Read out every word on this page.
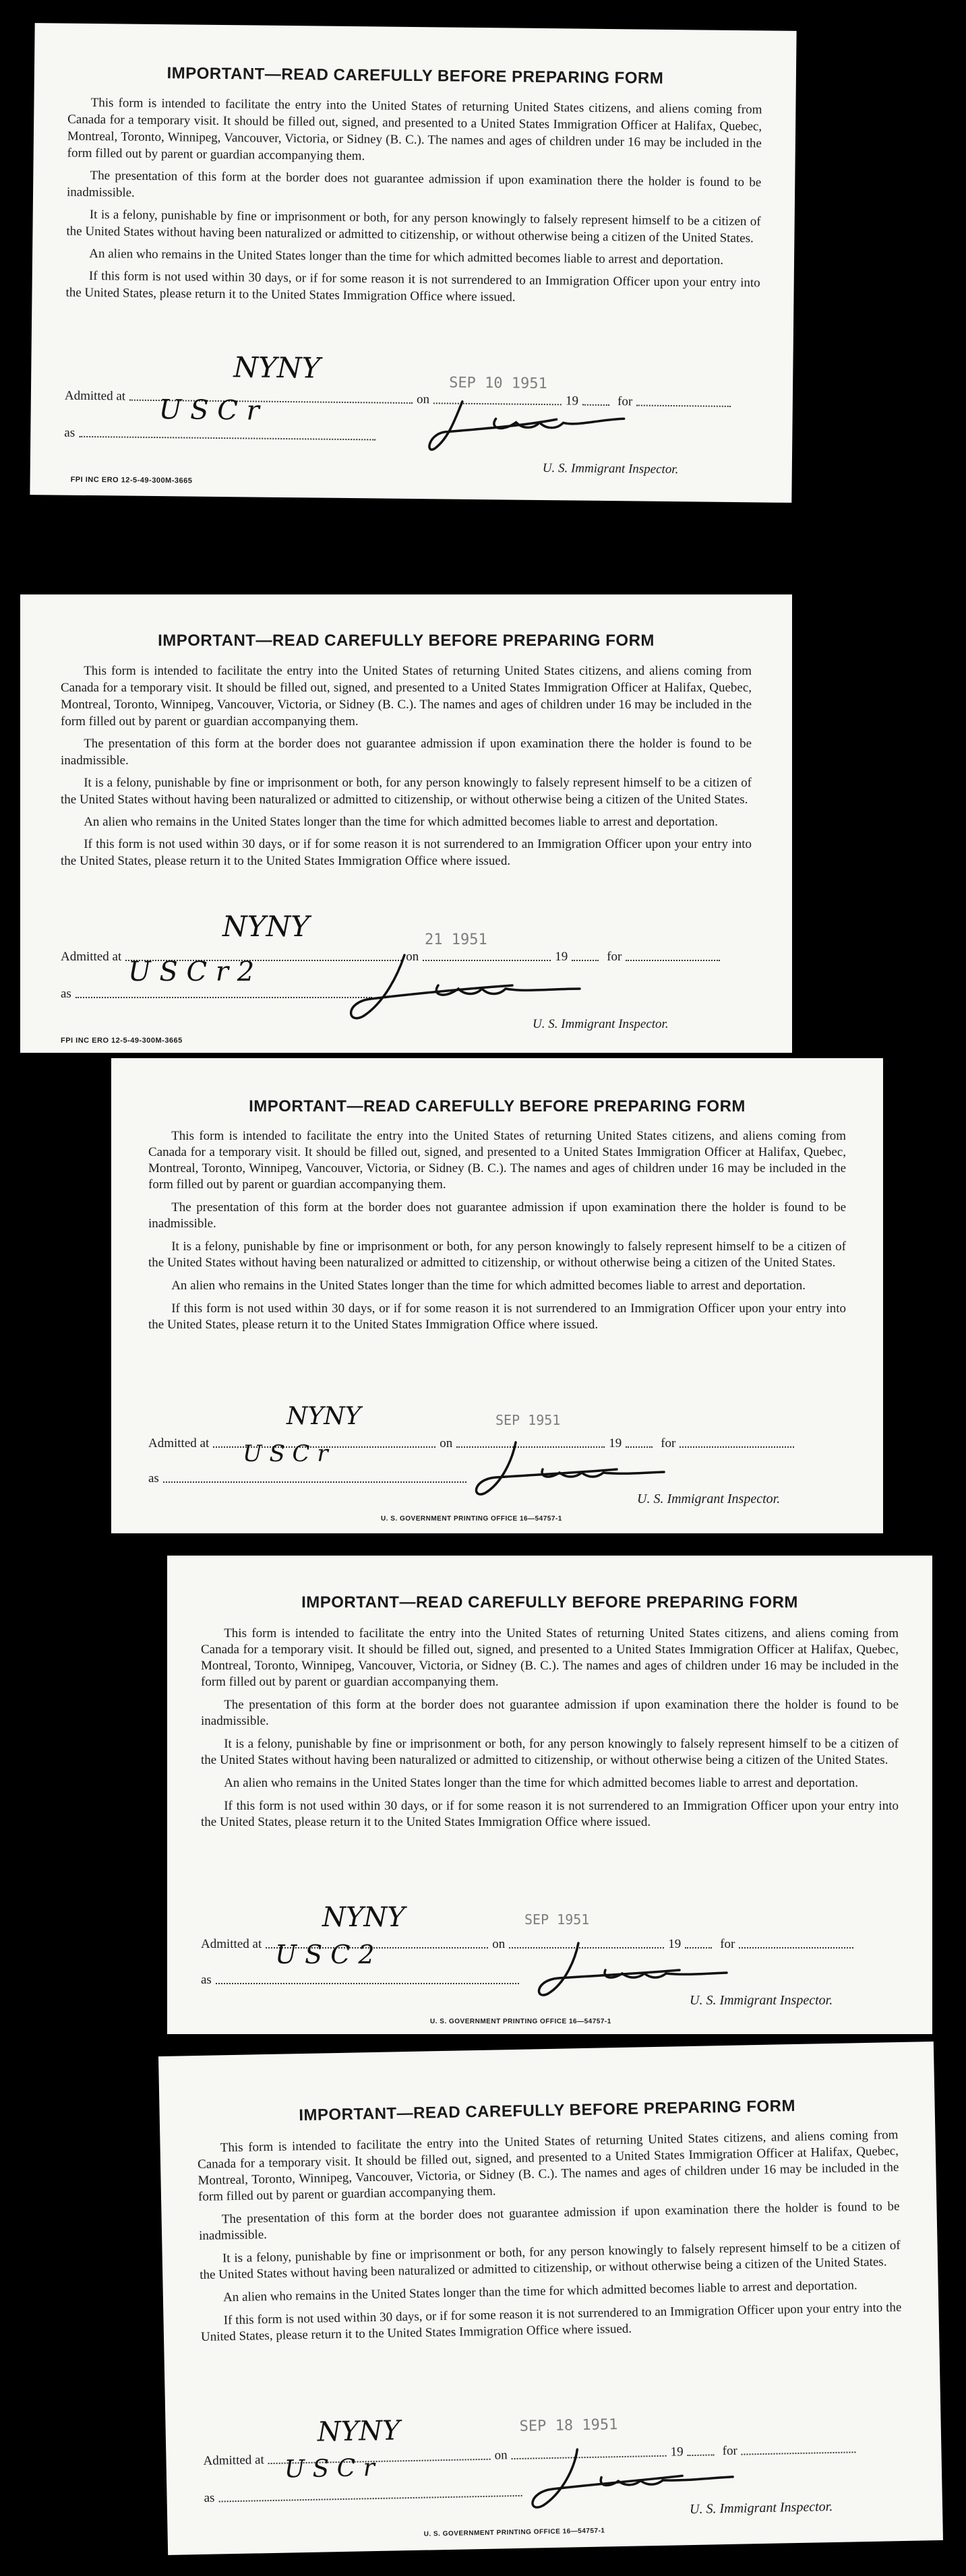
IMPORTANT—READ CAREFULLY BEFORE PREPARING FORM

This form is intended to facilitate the entry into the United States of returning United States citizens, and aliens coming from Canada for a temporary visit. It should be filled out, signed, and presented to a United States Immigration Officer at Halifax, Quebec, Montreal, Toronto, Winnipeg, Vancouver, Victoria, or Sidney (B. C.). The names and ages of children under 16 may be included in the form filled out by parent or guardian accompanying them.

The presentation of this form at the border does not guarantee admission if upon examination there the holder is found to be inadmissible.

It is a felony, punishable by fine or imprisonment or both, for any person knowingly to falsely represent himself to be a citizen of the United States without having been naturalized or admitted to citizenship, or without otherwise being a citizen of the United States.

An alien who remains in the United States longer than the time for which admitted becomes liable to arrest and deportation.

If this form is not used within 30 days, or if for some reason it is not surrendered to an Immigration Officer upon your entry into the United States, please return it to the United States Immigration Office where issued.

Admitted at	on	19	for
as
NYNY
U S C r
SEP 10 1951
U. S. Immigrant Inspector.
FPI INC ERO 12-5-49-300M-3665
IMPORTANT—READ CAREFULLY BEFORE PREPARING FORM

This form is intended to facilitate the entry into the United States of returning United States citizens, and aliens coming from Canada for a temporary visit. It should be filled out, signed, and presented to a United States Immigration Officer at Halifax, Quebec, Montreal, Toronto, Winnipeg, Vancouver, Victoria, or Sidney (B. C.). The names and ages of children under 16 may be included in the form filled out by parent or guardian accompanying them.

The presentation of this form at the border does not guarantee admission if upon examination there the holder is found to be inadmissible.

It is a felony, punishable by fine or imprisonment or both, for any person knowingly to falsely represent himself to be a citizen of the United States without having been naturalized or admitted to citizenship, or without otherwise being a citizen of the United States.

An alien who remains in the United States longer than the time for which admitted becomes liable to arrest and deportation.

If this form is not used within 30 days, or if for some reason it is not surrendered to an Immigration Officer upon your entry into the United States, please return it to the United States Immigration Office where issued.

Admitted at	on	19	for
as
NYNY
U S C r 2
21 1951
U. S. Immigrant Inspector.
FPI INC ERO 12-5-49-300M-3665
IMPORTANT—READ CAREFULLY BEFORE PREPARING FORM

This form is intended to facilitate the entry into the United States of returning United States citizens, and aliens coming from Canada for a temporary visit. It should be filled out, signed, and presented to a United States Immigration Officer at Halifax, Quebec, Montreal, Toronto, Winnipeg, Vancouver, Victoria, or Sidney (B. C.). The names and ages of children under 16 may be included in the form filled out by parent or guardian accompanying them.

The presentation of this form at the border does not guarantee admission if upon examination there the holder is found to be inadmissible.

It is a felony, punishable by fine or imprisonment or both, for any person knowingly to falsely represent himself to be a citizen of the United States without having been naturalized or admitted to citizenship, or without otherwise being a citizen of the United States.

An alien who remains in the United States longer than the time for which admitted becomes liable to arrest and deportation.

If this form is not used within 30 days, or if for some reason it is not surrendered to an Immigration Officer upon your entry into the United States, please return it to the United States Immigration Office where issued.

Admitted at	on	19	for
as
NYNY
U S C r
SEP 1951
U. S. Immigrant Inspector.
U. S. GOVERNMENT PRINTING OFFICE 16—54757-1
IMPORTANT—READ CAREFULLY BEFORE PREPARING FORM

This form is intended to facilitate the entry into the United States of returning United States citizens, and aliens coming from Canada for a temporary visit. It should be filled out, signed, and presented to a United States Immigration Officer at Halifax, Quebec, Montreal, Toronto, Winnipeg, Vancouver, Victoria, or Sidney (B. C.). The names and ages of children under 16 may be included in the form filled out by parent or guardian accompanying them.

The presentation of this form at the border does not guarantee admission if upon examination there the holder is found to be inadmissible.

It is a felony, punishable by fine or imprisonment or both, for any person knowingly to falsely represent himself to be a citizen of the United States without having been naturalized or admitted to citizenship, or without otherwise being a citizen of the United States.

An alien who remains in the United States longer than the time for which admitted becomes liable to arrest and deportation.

If this form is not used within 30 days, or if for some reason it is not surrendered to an Immigration Officer upon your entry into the United States, please return it to the United States Immigration Office where issued.

Admitted at	on	19	for
as
NYNY
U S C 2
SEP 1951
U. S. Immigrant Inspector.
U. S. GOVERNMENT PRINTING OFFICE 16—54757-1
IMPORTANT—READ CAREFULLY BEFORE PREPARING FORM

This form is intended to facilitate the entry into the United States of returning United States citizens, and aliens coming from Canada for a temporary visit. It should be filled out, signed, and presented to a United States Immigration Officer at Halifax, Quebec, Montreal, Toronto, Winnipeg, Vancouver, Victoria, or Sidney (B. C.). The names and ages of children under 16 may be included in the form filled out by parent or guardian accompanying them.

The presentation of this form at the border does not guarantee admission if upon examination there the holder is found to be inadmissible.

It is a felony, punishable by fine or imprisonment or both, for any person knowingly to falsely represent himself to be a citizen of the United States without having been naturalized or admitted to citizenship, or without otherwise being a citizen of the United States.

An alien who remains in the United States longer than the time for which admitted becomes liable to arrest and deportation.

If this form is not used within 30 days, or if for some reason it is not surrendered to an Immigration Officer upon your entry into the United States, please return it to the United States Immigration Office where issued.

Admitted at	on	19	for
as
NYNY
U S C r
SEP 18 1951
U. S. Immigrant Inspector.
U. S. GOVERNMENT PRINTING OFFICE 16—54757-1
